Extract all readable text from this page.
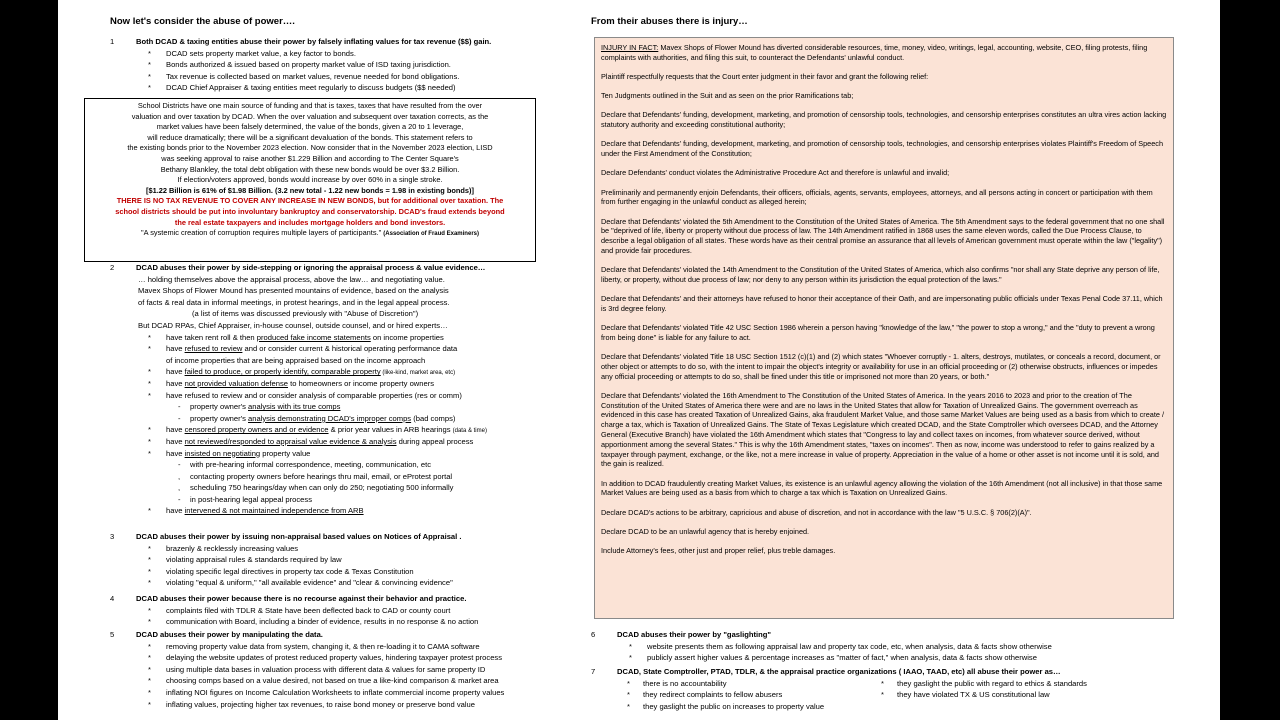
Now let's consider the abuse of power….	From their abuses there is injury…
1	Both DCAD & taxing entities abuse their power by falsely inflating values for tax revenue ($$) gain.
* DCAD sets property market value, a key factor to bonds.
* Bonds authorized & issued based on property market value of ISD taxing jurisdiction.
* Tax revenue is collected based on market values, revenue needed for bond obligations.
* DCAD Chief Appraiser & taxing entities meet regularly to discuss budgets ($$ needed)
School Districts have one main source of funding and that is taxes, taxes that have resulted from the over
valuation and over taxation by DCAD. When the over valuation and subsequent over taxation corrects, as the
market values have been falsely determined, the value of the bonds, given a 20 to 1 leverage,
will reduce dramatically; there will be a significant devaluation of the bonds. This statement refers to
the existing bonds prior to the November 2023 election. Now consider that in the November 2023 election, LISD
was seeking approval to raise another $1.229 Billion and according to The Center Square's
Bethany Blankley, the total debt obligation with these new bonds would be over $3.2 Billion.
If election/voters approved, bonds would increase by over 60% in a single stroke.
[$1.22 Billion is 61% of $1.98 Billion. (3.2 new total - 1.22 new bonds = 1.98 in existing bonds)]
THERE IS NO TAX REVENUE TO COVER ANY INCREASE IN NEW BONDS, but for additional over taxation. The
school districts should be put into involuntary bankruptcy and conservatorship. DCAD's fraud extends beyond
the real estate taxpayers and includes mortgage holders and bond investors.
"A systemic creation of corruption requires multiple layers of participants." (Association of Fraud Examiners)
2	DCAD abuses their power by side-stepping or ignoring the appraisal process & value evidence…
… holding themselves above the appraisal process, above the law… and negotiating value.
Mavex Shops of Flower Mound has presented mountains of evidence, based on the analysis
of facts & real data in informal meetings, in protest hearings, and in the legal appeal process.
(a list of items was discussed previously with "Abuse of Discretion")
But DCAD RPAs, Chief Appraiser, in-house counsel, outside counsel, and or hired experts…
* have taken rent roll & then produced fake income statements on income properties
* have refused to review and or consider current & historical operating performance data
of income properties that are being appraised based on the income approach
* have failed to produce, or properly identify, comparable property (like-kind, market area, etc)
* have not provided valuation defense to homeowners or income property owners
* have refused to review and or consider analysis of comparable properties (res or comm)
- property owner's analysis with its true comps
- property owner's analysis demonstrating DCAD's improper comps (bad comps)
* have censored property owners and or evidence & prior year values in ARB hearings (data & time)
* have not reviewed/responded to appraisal value evidence & analysis during appeal process
* have insisted on negotiating property value
- with pre-hearing informal correspondence, meeting, communication, etc
, contacting property owners before hearings thru mail, email, or eProtest portal
, scheduling 750 hearings/day when can only do 250; negotiating 500 informally
- in post-hearing legal appeal process
* have intervened & not maintained independence from ARB
3	DCAD abuses their power by issuing non-appraisal based values on Notices of Appraisal .
* brazenly & recklessly increasing values
* violating appraisal rules & standards required by law
* violating specific legal directives in property tax code & Texas Constitution
* violating "equal & uniform," "all available evidence" and "clear & convincing evidence"
4	DCAD abuses their power because there is no recourse against their behavior and practice.
* complaints filed with TDLR & State have been deflected back to CAD or county court
* communication with Board, including a binder of evidence, results in no response & no action
5	DCAD abuses their power by manipulating the data.
* removing property value data from system, changing it, & then re-loading it to CAMA software
* delaying the website updates of protest reduced property values, hindering taxpayer protest process
* using multiple data bases in valuation process with different data & values for same property ID
* choosing comps based on a value desired, not based on true a like-kind comparison & market area
* inflating NOI figures on Income Calculation Worksheets to inflate commercial income property values
* inflating values, projecting higher tax revenues, to raise bond money or preserve bond value

INJURY IN FACT: Mavex Shops of Flower Mound has diverted considerable resources, time, money, video, writings, legal, accounting, website, CEO, filing protests, filing complaints with authorities, and filing this suit, to counteract the Defendants' unlawful conduct.

Plaintiff respectfully requests that the Court enter judgment in their favor and grant the following relief:

Ten Judgments outlined in the Suit and as seen on the prior Ramifications tab;

Declare that Defendants' funding, development, marketing, and promotion of censorship tools, technologies, and censorship enterprises constitutes an ultra vires action lacking statutory authority and exceeding constitutional authority;

Declare that Defendants' funding, development, marketing, and promotion of censorship tools, technologies, and censorship enterprises violates Plaintiff's Freedom of Speech under the First Amendment of the Constitution;

Declare Defendants' conduct violates the Administrative Procedure Act and therefore is unlawful and invalid;

Preliminarily and permanently enjoin Defendants, their officers, officials, agents, servants, employees, attorneys, and all persons acting in concert or participation with them from further engaging in the unlawful conduct as alleged herein;

Declare that Defendants' violated the 5th Amendment to the Constitution of the United States of America. The 5th Amendment says to the federal government that no one shall be "deprived of life, liberty or property without due process of law. The 14th Amendment ratified in 1868 uses the same eleven words, called the Due Process Clause, to describe a legal obligation of all states. These words have as their central promise an assurance that all levels of American government must operate within the law ("legality") and provide fair procedures.

Declare that Defendants' violated the 14th Amendment to the Constitution of the United States of America, which also confirms "nor shall any State deprive any person of life, liberty, or property, without due process of law; nor deny to any person within its jurisdiction the equal protection of the laws."

Declare that Defendants' and their attorneys have refused to honor their acceptance of their Oath, and are impersonating public officials under Texas Penal Code 37.11, which is 3rd degree felony.

Declare that Defendants' violated Title 42 USC Section 1986 wherein a person having "knowledge of the law," "the power to stop a wrong," and the "duty to prevent a wrong from being done" is liable for any failure to act.

Declare that Defendants' violated Title 18 USC Section 1512 (c)(1) and (2) which states "Whoever corruptly - 1. alters, destroys, mutilates, or conceals a record, document, or other object or attempts to do so, with the intent to impair the object's integrity or availability for use in an official proceeding or (2) otherwise obstructs, influences or impedes any official proceeding or attempts to do so, shall be fined under this title or imprisoned not more than 20 years, or both."

Declare that Defendants' violated the 16th Amendment to The Constitution of the United States of America. In the years 2016 to 2023 and prior to the creation of The Constitution of the United States of America there were and are no laws in the United States that allow for Taxation of Unrealized Gains. The government overreach as evidenced in this case has created Taxation of Unrealized Gains, aka fraudulent Market Value, and those same Market Values are being used as a basis from which to create / charge a tax, which is Taxation of Unrealized Gains. The State of Texas Legislature which created DCAD, and the State Comptroller which oversees DCAD, and the Attorney General (Executive Branch) have violated the 16th Amendment which states that "Congress to lay and collect taxes on incomes, from whatever source derived, without apportionment among the several States." This is why the 16th Amendment states, "taxes on incomes". Then as now, income was understood to refer to gains realized by a taxpayer through payment, exchange, or the like, not a mere increase in value of property. Appreciation in the value of a home or other asset is not income until it is sold, and the gain is realized.

In addition to DCAD fraudulently creating Market Values, its existence is an unlawful agency allowing the violation of the 16th Amendment (not all inclusive) in that those same Market Values are being used as a basis from which to charge a tax which is Taxation on Unrealized Gains.

Declare DCAD's actions to be arbitrary, capricious and abuse of discretion, and not in accordance with the law "5 U.S.C. § 706(2)(A)".

Declare DCAD to be an unlawful agency that is hereby enjoined.

Include Attorney's fees, other just and proper relief, plus treble damages.

6	DCAD abuses their power by "gaslighting"
* website presents them as following appraisal law and property tax code, etc, when analysis, data & facts show otherwise
* publicly assert higher values & percentage increases as "matter of fact," when analysis, data & facts show otherwise
7	DCAD, State Comptroller, PTAD, TDLR, & the appraisal practice organizations ( IAAO, TAAD, etc) all abuse their power as…
* there is no accountability	* they gaslight the public with regard to ethics & standards
* they redirect complaints to fellow abusers	* they have violated TX & US constitutional law
* they gaslight the public on increases to property value
